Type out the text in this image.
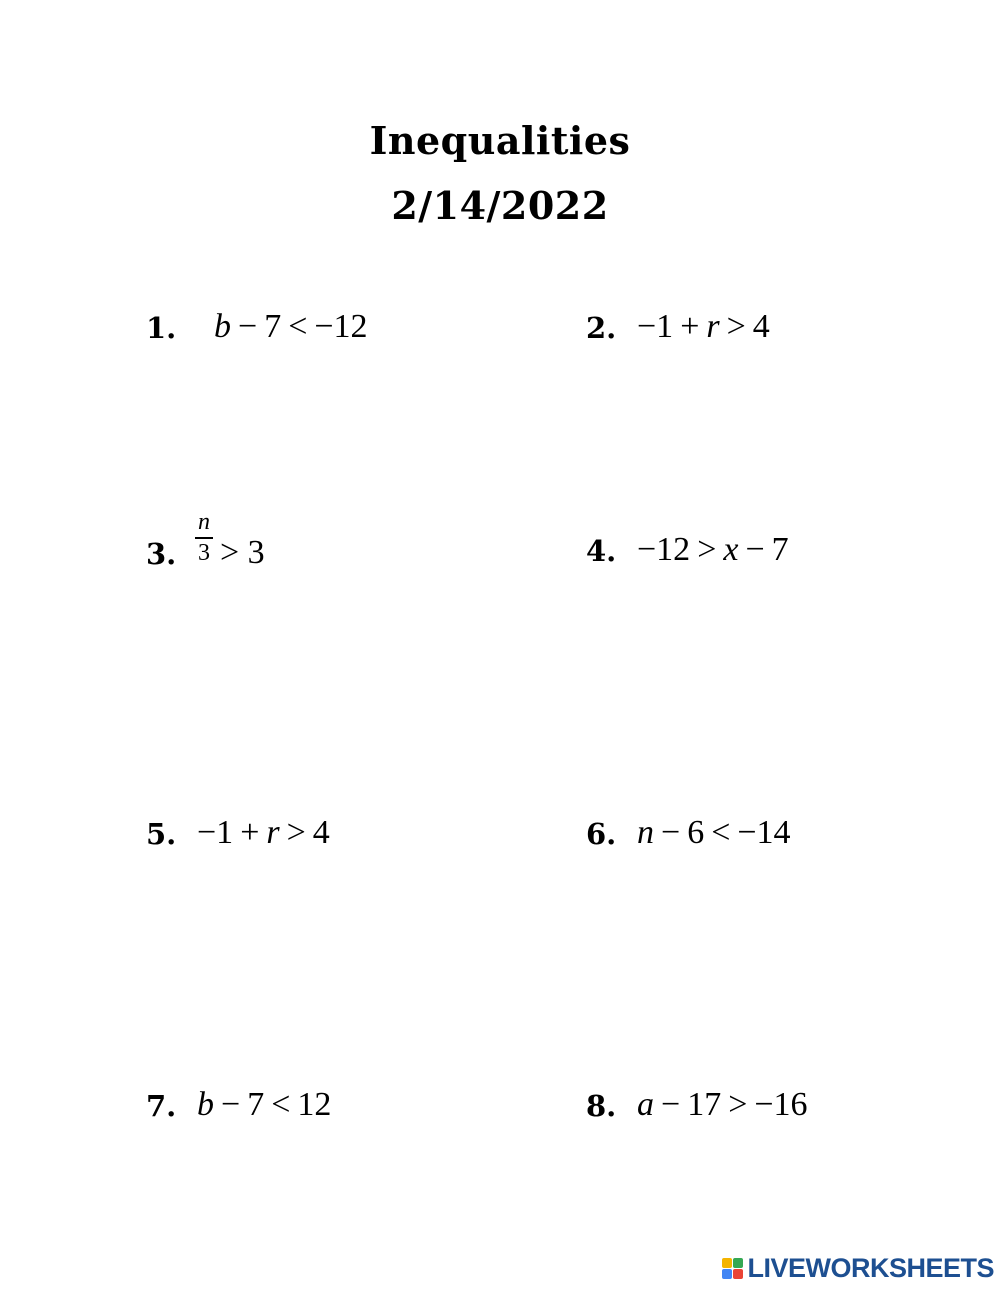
Inequalities
2/14/2022
1. b − 7 < −12	2. −1 + r > 4
3.
n
3 > 3	4. −12 > x − 7
5. −1 + r > 4	6. n − 6 < −14
7. b − 7 < 12	8. a − 17 > −16
LIVEWORKSHEETS
